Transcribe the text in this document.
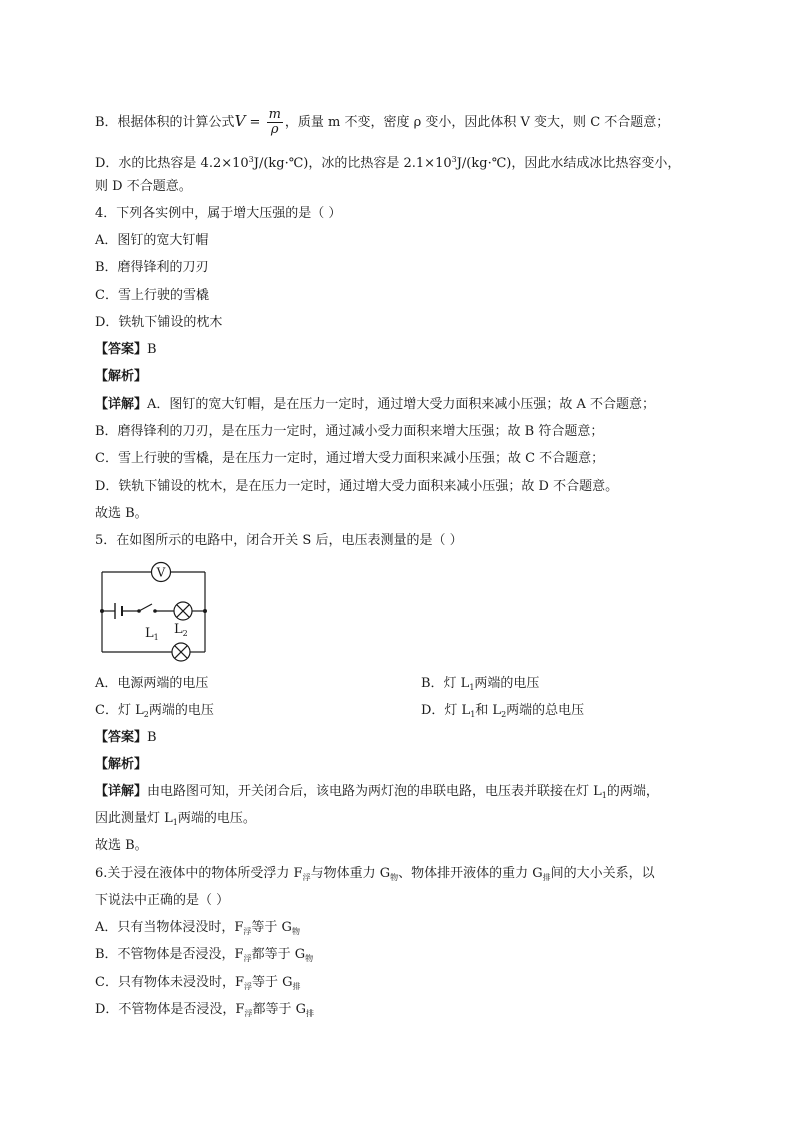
B．根据体积的计算公式$V = \frac{m}{\rho}$ ，质量 m 不变，密度 ρ 变小，因此体积 V 变大，则 C 不合题意；
D．水的比热容是 $4.2\times 10^3J/(kg\cdot℃)$，冰的比热容是 $2.1\times 10^3J/(kg\cdot℃)$，因此水结成冰比热容变小，
则 D 不合题意。
4．下列各实例中，属于增大压强的是（ ）
A．图钉的宽大钉帽
B．磨得锋利的刀刃
C．雪上行驶的雪橇
D．铁轨下铺设的枕木
【答案】B
【解析】
【详解】A．图钉的宽大钉帽，是在压力一定时，通过增大受力面积来减小压强；故 A 不合题意；
B．磨得锋利的刀刃，是在压力一定时，通过减小受力面积来增大压强；故 B 符合题意；
C．雪上行驶的雪橇，是在压力一定时，通过增大受力面积来减小压强；故 C 不合题意；
D．铁轨下铺设的枕木，是在压力一定时，通过增大受力面积来减小压强；故 D 不合题意。
故选 B。
5．在如图所示的电路中，闭合开关 S 后，电压表测量的是（ ）
V
$L_1$
$L_2$
A．电源两端的电压	B．灯 $L_1$两端的电压
C．灯 $L_2$两端的电压	D．灯 $L_1$和 $L_2$两端的总电压
【答案】B
【解析】
【详解】由电路图可知，开关闭合后，该电路为两灯泡的串联电路，电压表并联接在灯 $L_1$的两端，
因此测量灯 $L_1$两端的电压。
故选 B。
6.关于浸在液体中的物体所受浮力 $F_浮$与物体重力 $G_物$、物体排开液体的重力 $G_排$间的大小关系，以
下说法中正确的是（ ）
A．只有当物体浸没时，$F_浮$等于 $G_物$
B．不管物体是否浸没，$F_浮$都等于 $G_物$
C．只有物体未浸没时，$F_浮$等于 $G_排$
D．不管物体是否浸没，$F_浮$都等于 $G_排$
